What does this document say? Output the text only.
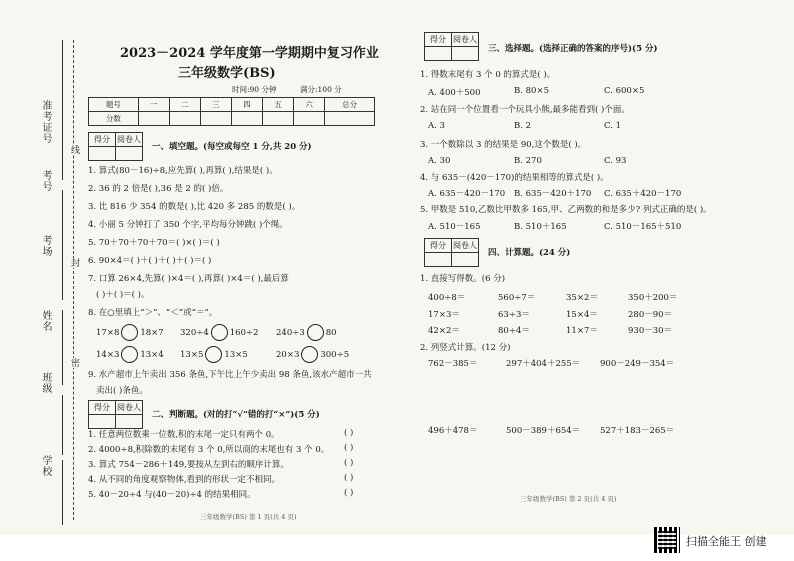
准考证号
考号
考场
姓名
班级
学校
线
封
密
2023－2024 学年度第一学期期中复习作业
三年级数学(BS)
时间:90 分钟	满分:100 分
题号	一	二	三	四	五	六	总分
分数							
得分	阅卷人

一、填空题。(每空或每空 1 分,共 20 分)
1. 算式(80－16)÷8,应先算( ),再算( ),结果是( )。
2. 36 的 2 倍是( ),36 是 2 的( )倍。
3. 比 816 少 354 的数是( ),比 420 多 285 的数是( )。
4. 小丽 5 分钟打了 350 个字,平均每分钟跳( )个绳。
5. 70＋70＋70＋70＝( )×( )＝( )
6. 90×4＝( )＋( )＋( )＋( )＝( )
7. 口算 26×4,先算( )×4＝( ),再算( )×4＝( ),最后算
( )＋( )＝( )。
8. 在○里填上“＞”、“＜”或“＝”。
17×8 18×7 320÷4 160÷2 240÷3 80
14×3 13×4 13×5 13×5	20×3 300÷5
9. 水产超市上午卖出 356 条鱼,下午比上午少卖出 98 条鱼,该水产超市一共
卖出( )条鱼。
得分	阅卷人

二、判断题。(对的打“√”错的打“×”)(5 分)
1. 任意两位数乘一位数,积的末尾一定只有两个 0。
2. 4000÷8,积除数的末尾有 3 个 0,所以商的末尾也有 3 个 0。
3. 算式 754－286＋149,要按从左到右的顺序计算。
4. 从不同的角度观察物体,看到的形状一定不相同。
5. 40－20÷4 与(40－20)÷4 的结果相同。
( )
( )
( )
( )
( )
三年级数学(BS) 第 1 页(共 4 页)
得分	阅卷人

三、选择题。(选择正确的答案的序号)(5 分)
1. 得数末尾有 3 个 0 的算式是( )。
A. 400＋500	B. 80×5	C. 600×5
2. 站在同一个位置看一个玩具小熊,最多能看到( )个面。
A. 3	B. 2	C. 1
3. 一个数除以 3 的结果是 90,这个数是( )。
A. 30	B. 270	C. 93
4. 与 635－(420－170)的结果相等的算式是( )。
A. 635－420－170 B. 635－420＋170 C. 635＋420－170
5. 甲数是 510,乙数比甲数多 165,甲、乙两数的和是多少? 列式正确的是( )。
A. 510－165	B. 510＋165	C. 510－165＋510
得分	阅卷人

四、计算题。(24 分)
1. 直接写得数。(6 分)
400÷8＝	560÷7＝	35×2＝	350＋200＝
17×3＝	63÷3＝	15×4＝	280－90＝
42×2＝	80÷4＝	11×7＝	930－30＝
2. 列竖式计算。(12 分)
762－385＝	297＋404＋255＝ 900－249－354＝
496＋478＝	500－389＋654＝ 527＋183－265＝
三年级数学(BS) 第 2 页(共 4 页)
扫描全能王 创建
